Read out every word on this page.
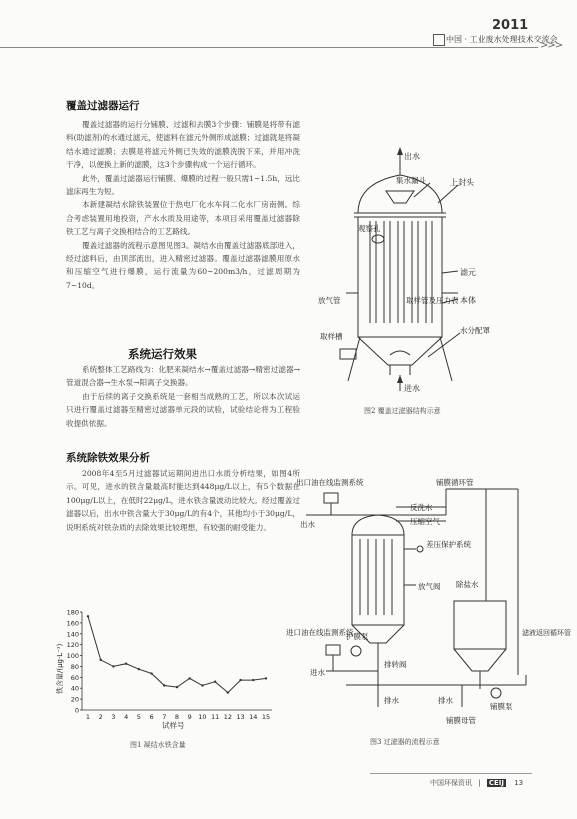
2011
中国 · 工业废水处理技术交流会
>>>
覆盖过滤器运行

覆盖过滤器的运行分铺膜、过滤和去膜3个步骤：铺膜是将带有滤料(助滤剂)的水通过滤元，使滤料在滤元外侧形成滤膜；过滤就是将凝结水通过滤膜；去膜是将滤元外侧已失效的滤膜洗脱下来，并用冲洗干净，以便换上新的滤膜，这3个步骤构成一个运行循环。

此外，覆盖过滤器运行铺膜、爆膜的过程一般只需1~1.5h，远比滤床再生为短。

本新建凝结水除铁装置位于热电厂化水车间二化水厂房南侧。综合考虑装置用地投资，产水水质及用途等，本项目采用覆盖过滤器除铁工艺与离子交换相结合的工艺路线。

覆盖过滤器的流程示意图见图3。凝结水由覆盖过滤器底部进入，经过滤料后，由顶部流出，进入精密过滤器。覆盖过滤器滤膜用原水和压缩空气进行爆膜，运行流量为60~200m3/h，过滤周期为7~10d。

系统运行效果

系统整体工艺路线为：化肥来凝结水→覆盖过滤器→精密过滤器→管道混合器→生水泵→阳离子交换器。

由于后续的离子交换系统是一套相当成熟的工艺，所以本次试运只进行覆盖过滤器至精密过滤器单元段的试验，试验结论将为工程验收提供依据。

系统除铁效果分析

2008年4至5月过滤器试运期间进出口水质分析结果，如图4所示。可见，进水的铁含量最高时能达到448μg/L以上，有5个数据在100μg/L以上，在低时22μg/L，进水铁含量波动比较大。经过覆盖过滤器以后，出水中铁含量大于30μg/L的有4个，其他均小于30μg/L，说明系统对铁杂质的去除效果比较理想，有较强的耐受能力。

出水
上封头
集水漏斗
观察孔
滤元
放气管	取样管及压力表 本体
水分配罩
取样槽
进水
图2 覆盖过滤器结构示意
出口油在线监测系统	铺膜循环管
出水
反洗水
压缩空气
差压保护系统
放气阀 除盐水
滤液返回循环管
进口油在线监测系统
护膜泵
进水
排转阀
排水	排水
铺膜泵
铺膜母管
图3 过滤器的流程示意
0
20
40
60
80
100
120
140
160
180
1 2 3 4 5 6 7 8 9 10 11 12 13 14 15
铁含量/(μg·L⁻¹)
试样号
图1 凝结水铁含量
中国环保资讯 | CEIJ 13
